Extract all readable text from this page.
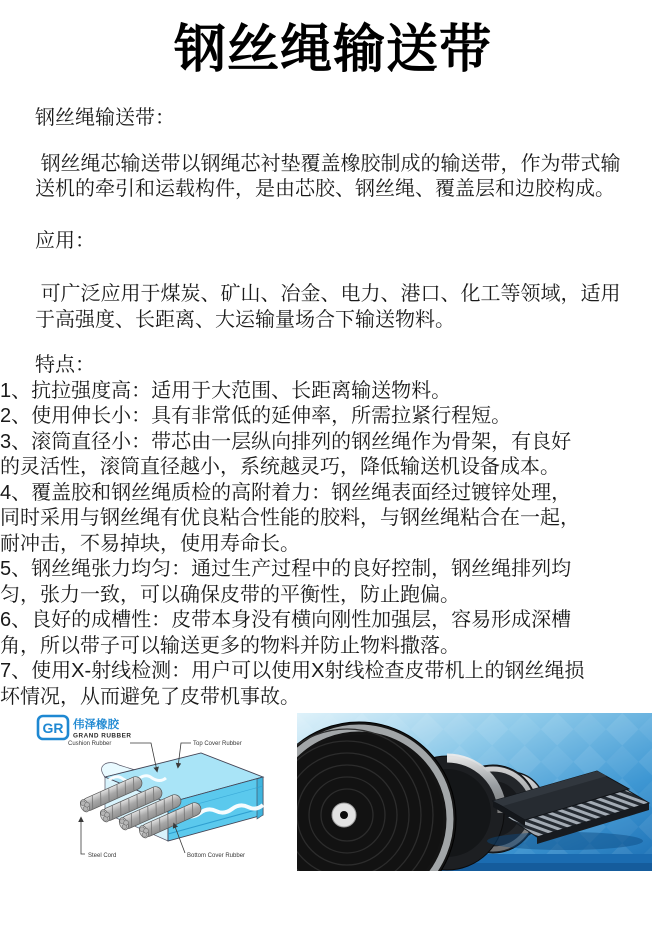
钢丝绳输送带
钢丝绳输送带：
钢丝绳芯输送带以钢绳芯衬垫覆盖橡胶制成的输送带，作为带式输送机的牵引和运载构件，是由芯胶、钢丝绳、覆盖层和边胶构成。
应用：
可广泛应用于煤炭、矿山、冶金、电力、港口、化工等领域，适用于高强度、长距离、大运输量场合下输送物料。
特点：
1、抗拉强度高：适用于大范围、长距离输送物料。
2、使用伸长小：具有非常低的延伸率，所需拉紧行程短。
3、滚筒直径小：带芯由一层纵向排列的钢丝绳作为骨架，有良好的灵活性，滚筒直径越小，系统越灵巧，降低输送机设备成本。
4、覆盖胶和钢丝绳质检的高附着力：钢丝绳表面经过镀锌处理，同时采用与钢丝绳有优良粘合性能的胶料，与钢丝绳粘合在一起，耐冲击，不易掉块，使用寿命长。
5、钢丝绳张力均匀：通过生产过程中的良好控制，钢丝绳排列均匀，张力一致，可以确保皮带的平衡性，防止跑偏。
6、良好的成槽性：皮带本身没有横向刚性加强层，容易形成深槽角，所以带子可以输送更多的物料并防止物料撒落。
7、使用X-射线检测：用户可以使用X射线检查皮带机上的钢丝绳损坏情况，从而避免了皮带机事故。
GR 伟泽橡胶
GRAND RUBBER
Cushion Rubber	Top Cover Rubber
Steel Cord	Bottom Cover Rubber
